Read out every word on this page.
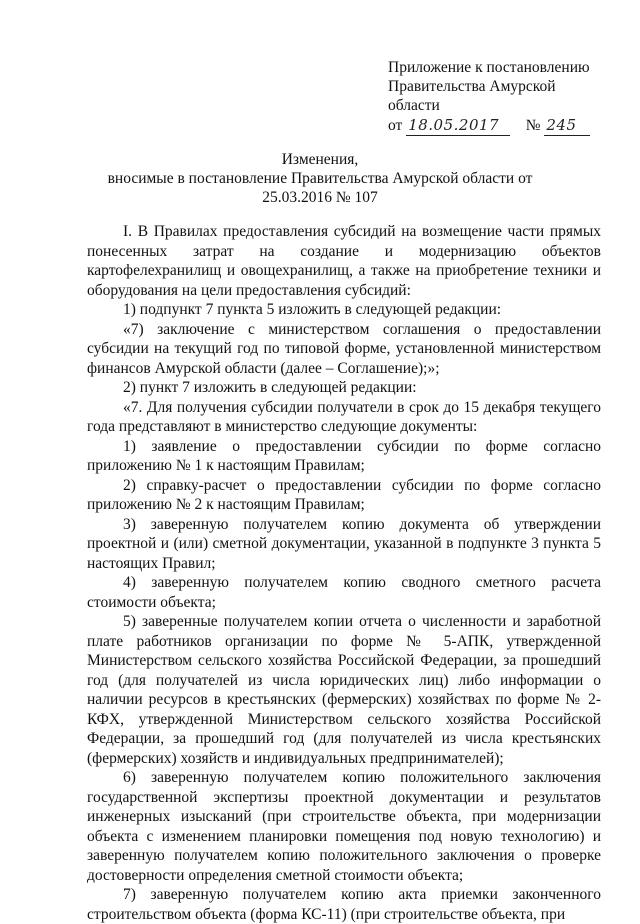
Приложение к постановлению
Правительства Амурской
области
от 18.05.2017 № 245
Изменения,
вносимые в постановление Правительства Амурской области от
25.03.2016 № 107

I. В Правилах предоставления субсидий на возмещение части прямых понесенных затрат на создание и модернизацию объектов картофелехранилищ и овощехранилищ, а также на приобретение техники и оборудования на цели предоставления субсидий:

1) подпункт 7 пункта 5 изложить в следующей редакции:

«7) заключение с министерством соглашения о предоставлении субсидии на текущий год по типовой форме, установленной министерством финансов Амурской области (далее – Соглашение);»;

2) пункт 7 изложить в следующей редакции:

«7. Для получения субсидии получатели в срок до 15 декабря текущего года представляют в министерство следующие документы:

1) заявление о предоставлении субсидии по форме согласно приложению № 1 к настоящим Правилам;

2) справку-расчет о предоставлении субсидии по форме согласно приложению № 2 к настоящим Правилам;

3) заверенную получателем копию документа об утверждении проектной и (или) сметной документации, указанной в подпункте 3 пункта 5 настоящих Правил;

4) заверенную получателем копию сводного сметного расчета стоимости объекта;

5) заверенные получателем копии отчета о численности и заработной плате работников организации по форме № 5-АПК, утвержденной Министерством сельского хозяйства Российской Федерации, за прошедший год (для получателей из числа юридических лиц) либо информации о наличии ресурсов в крестьянских (фермерских) хозяйствах по форме № 2-КФХ, утвержденной Министерством сельского хозяйства Российской Федерации, за прошедший год (для получателей из числа крестьянских (фермерских) хозяйств и индивидуальных предпринимателей);

6) заверенную получателем копию положительного заключения государственной экспертизы проектной документации и результатов инженерных изысканий (при строительстве объекта, при модернизации объекта с изменением планировки помещения под новую технологию) и заверенную получателем копию положительного заключения о проверке достоверности определения сметной стоимости объекта;

7) заверенную получателем копию акта приемки законченного строительством объекта (форма КС-11) (при строительстве объекта, при
